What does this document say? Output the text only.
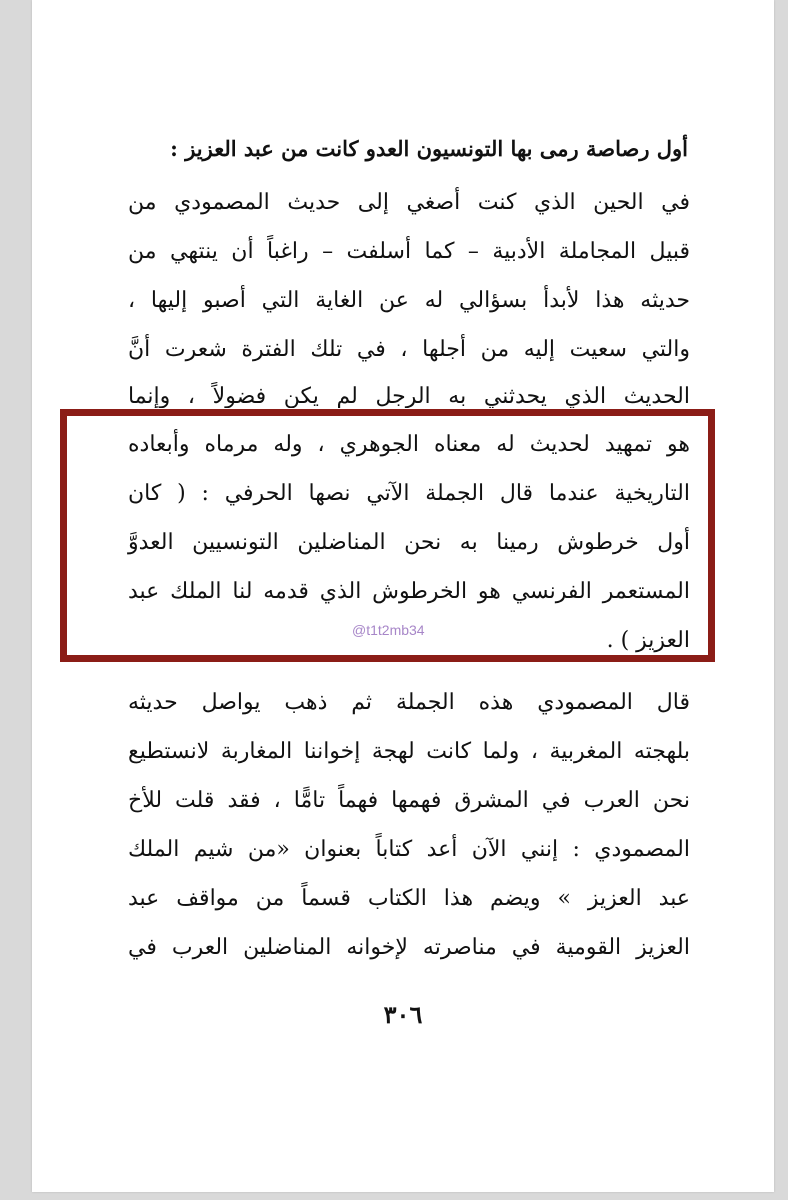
أول رصاصة رمى بها التونسيون العدو كانت من عبد العزيز :
في الحين الذي كنت أصغي إلى حديث المصمودي من
قبيل المجاملة الأدبية – كما أسلفت – راغباً أن ينتهي من
حديثه هذا لأبدأ بسؤالي له عن الغاية التي أصبو إليها ،
والتي سعيت إليه من أجلها ، في تلك الفترة شعرت أنَّ
الحديث الذي يحدثني به الرجل لم يكن فضولاً ، وإنما
هو تمهيد لحديث له معناه الجوهري ، وله مرماه وأبعاده
التاريخية عندما قال الجملة الآتي نصها الحرفي : ( كان
أول خرطوش رمينا به نحن المناضلين التونسيين العدوَّ
المستعمر الفرنسي هو الخرطوش الذي قدمه لنا الملك عبد
العزيز ) .
قال المصمودي هذه الجملة ثم ذهب يواصل حديثه
بلهجته المغربية ، ولما كانت لهجة إخواننا المغاربة لانستطيع
نحن العرب في المشرق فهمها فهماً تامًّا ، فقد قلت للأخ
المصمودي : إنني الآن أعد كتاباً بعنوان «من شيم الملك
عبد العزيز » ويضم هذا الكتاب قسماً من مواقف عبد
العزيز القومية في مناصرته لإخوانه المناضلين العرب في
٣٠٦
@t1t2mb34
